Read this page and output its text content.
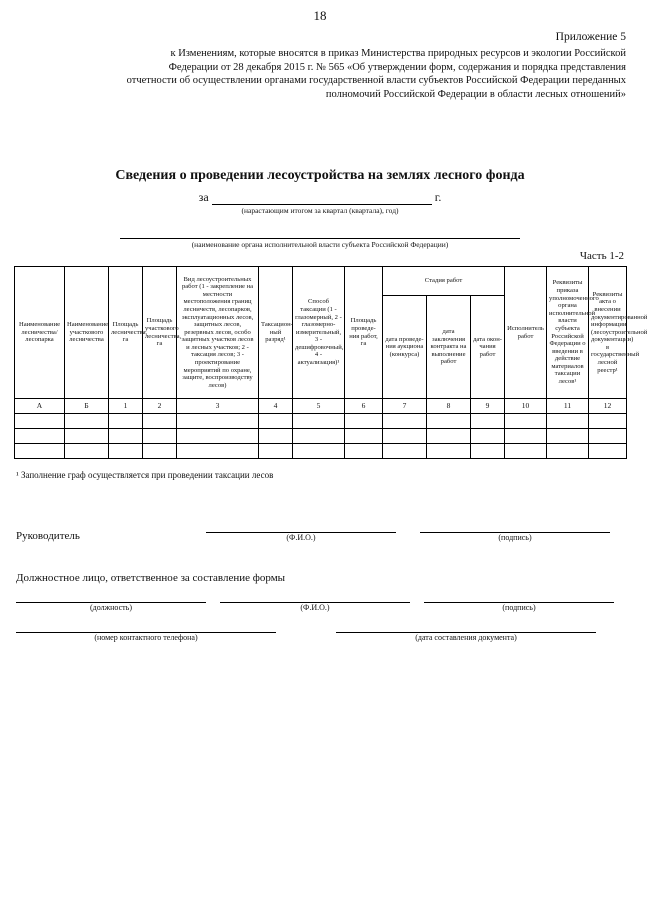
18
Приложение 5
к Изменениям, которые вносятся в приказ Министерства природных ресурсов и экологии Российской Федерации от 28 декабря 2015 г. № 565 «Об утверждении форм, содержания и порядка представления отчетности об осуществлении органами государственной власти субъектов Российской Федерации переданных полномочий Российской Федерации в области лесных отношений»
Сведения о проведении лесоустройства на землях лесного фонда
за	г.
(нарастающим итогом за квартал (квартала), год)
(наименование органа исполнительной власти субъекта Российской Федерации)
Часть 1-2
Наименование лесничества/ лесопарка	Наименование участкового лесничества	Площадь лесничества, га	Площадь участкового лесничества, га	Вид лесоустроительных работ (1 - закрепление на местности местоположения границ лесничеств, лесопарков, эксплуатационных лесов, защитных лесов, резервных лесов, особо защитных участков лесов и лесных участков; 2 - таксация лесов; 3 - проектирование мероприятий по охране, защите, воспроизводству лесов)	Таксацион-ный разряд¹	Способ таксации (1 - глазомерный, 2 - глазомерно-измерительный, 3 - дешифровочный, 4 - актуализация)¹	Площадь проведе-ния работ, га	Стадия работ			Исполнитель работ	Реквизиты приказа уполномоченного органа исполнительной власти субъекта Российской Федерации о введении в действие материалов таксации лесов¹	Реквизиты акта о внесении документированной информации (лесоустроительной документации) в государственный лесной реестр¹
								дата проведе-ния аукциона (конкурса)	дата заключения контракта на выполнение работ	дата окон-чания работ			
А	Б	1	2	3	4	5	6	7	8	9	10	11	12

¹ Заполнение граф осуществляется при проведении таксации лесов
Руководитель	(Ф.И.О.)	(подпись)
Должностное лицо, ответственное за составление формы
(должность)	(Ф.И.О.)	(подпись)
(номер контактного телефона)	(дата составления документа)
